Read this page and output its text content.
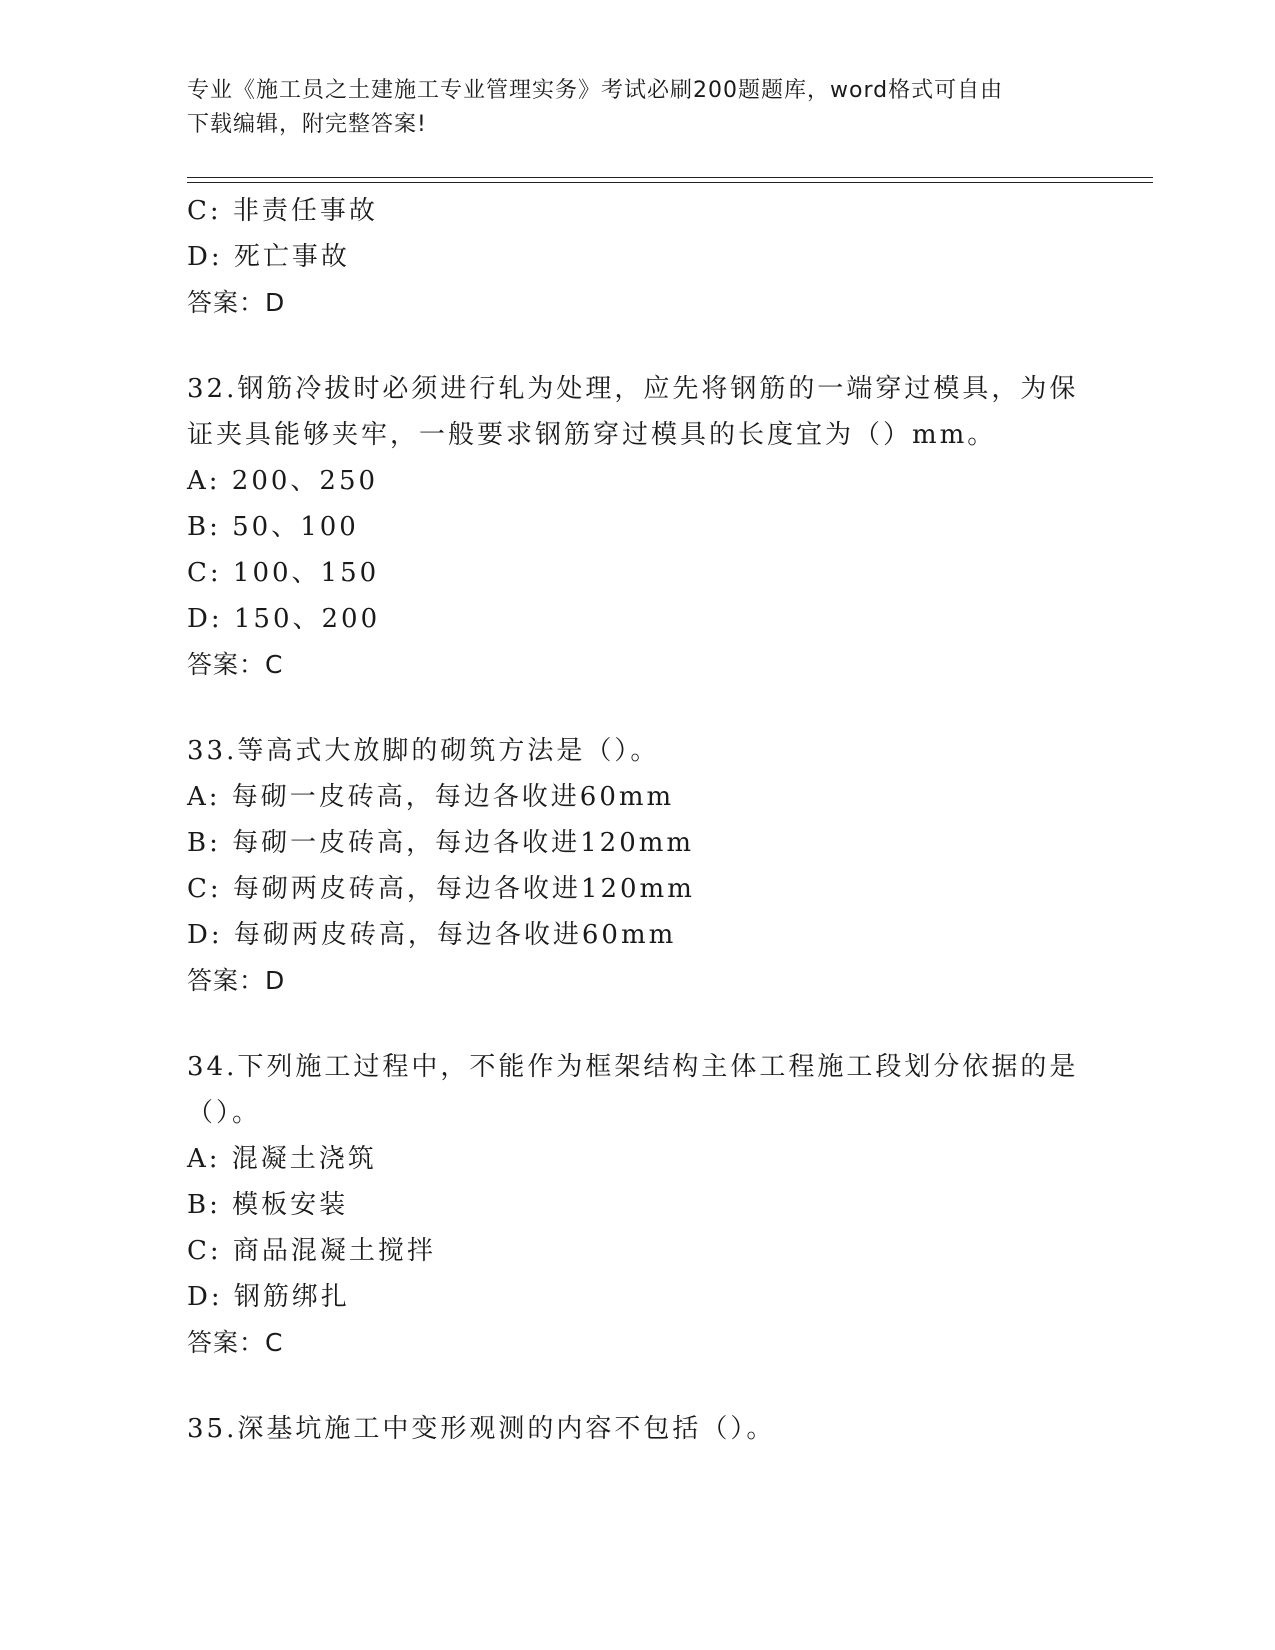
专业《施工员之土建施工专业管理实务》考试必刷200题题库，word格式可自由
下载编辑，附完整答案!
C: 非责任事故
D: 死亡事故
答案：D
32.钢筋冷拔时必须进行轧为处理，应先将钢筋的一端穿过模具，为保
证夹具能够夹牢，一般要求钢筋穿过模具的长度宜为（）mm。
A: 200、250
B: 50、100
C: 100、150
D: 150、200
答案：C
33.等高式大放脚的砌筑方法是（）。
A: 每砌一皮砖高，每边各收进60mm
B: 每砌一皮砖高，每边各收进120mm
C: 每砌两皮砖高，每边各收进120mm
D: 每砌两皮砖高，每边各收进60mm
答案：D
34.下列施工过程中，不能作为框架结构主体工程施工段划分依据的是
（）。
A: 混凝土浇筑
B: 模板安装
C: 商品混凝土搅拌
D: 钢筋绑扎
答案：C
35.深基坑施工中变形观测的内容不包括（）。
